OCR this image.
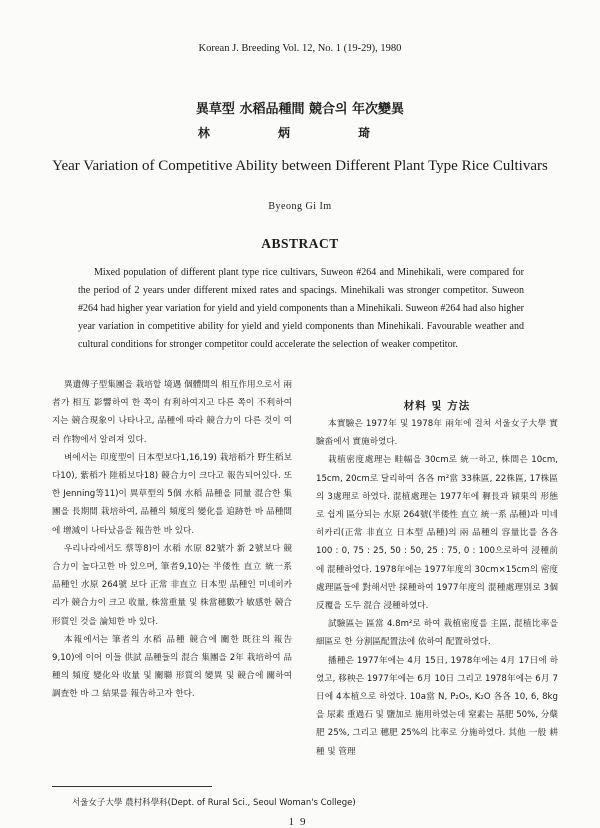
Korean J. Breeding Vol. 12, No. 1 (19-29), 1980
異草型 水稻品種間 競合의 年次變異
林 炳 琦
Year Variation of Competitive Ability between Different Plant Type Rice Cultivars
Byeong Gi Im
ABSTRACT

Mixed population of different plant type rice cultivars, Suweon #264 and Minehikali, were compared for the period of 2 years under different mixed rates and spacings. Minehikali was stronger competitor. Suweon #264 had higher year variation for yield and yield components than a Minehikali. Suweon #264 had also higher year variation in competitive ability for yield and yield components than Minehikali. Favourable weather and cultural conditions for stronger competitor could accelerate the selection of weaker competitor.

異遺傳子型集團을 栽培할 境遇 個體間의 相互作用으로서 兩者가 相互 影響하여 한 쪽이 有利하여지고 다른 쪽이 不利하여지는 競合現象이 나타나고, 品種에 따라 競合力이 다른 것이 여러 作物에서 알려져 있다.

벼에서는 印度型이 日本型보다1,16,19) 栽培稻가 野生稻보다10), 紫稻가 陸稻보다18) 競合力이 크다고 報告되어있다. 또한 Jenning等11)이 異草型의 5個 水稻 品種을 同量 混合한 集團을 長期間 栽培하여, 品種의 頻度의 變化를 追跡한 바 品種間에 增減이 나타났음을 報告한 바 있다.

우리나라에서도 蔡等8)이 水稻 水原 82號가 新 2號보다 競合力이 높다고한 바 있으며, 筆者9,10)는 半倭性 直立 統一系 品種인 水原 264號 보다 正常 非直立 日本型 品種인 미네히카리가 競合力이 크고 收量, 株當重量 및 株當穗數가 敏感한 競合形質인 것을 論知한 바 있다.

本報에서는 筆者의 水稻 品種 競合에 關한 既往의 報告9,10)에 이어 이들 供試 品種들의 混合 集團을 2年 栽培하여 品種의 頻度 變化와 收量 및 關聯 形質의 變異 및 競合에 關하여 調査한 바 그 結果를 報告하고자 한다.

材料 및 方法

本實驗은 1977年 및 1978年 兩年에 걸쳐 서울女子大學 實驗畓에서 實施하였다.

栽植密度處理는 畦幅을 30cm로 統一하고, 株間은 10cm, 15cm, 20cm로 달리하여 各各 m²當 33株區, 22株區, 17株區의 3處理로 하였다. 混植處理는 1977年에 穉長과 穎果의 形態로 쉽게 區分되는 水原 264號(半倭性 直立 統一系 品種)과 미네히카리(正常 非直立 日本型 品種)의 兩 品種의 容量比를 各各 100 : 0, 75 : 25, 50 : 50, 25 : 75, 0 : 100으로하여 浸種前에 混種하였다. 1978年에는 1977年度의 30cm×15cm의 密度 處理區들에 對해서만 採種하여 1977年度의 混種處理別로 3個 反覆을 도두 混合 浸種하였다.

試驗區는 區當 4.8m²로 하여 栽植密度를 主區, 混植比率을 細區로 한 分割區配置法에 依하여 配置하였다.

播種은 1977年에는 4月 15日, 1978年에는 4月 17日에 하였고, 移秧은 1977年에는 6月 10日 그리고 1978年에는 6月 7日에 4本植으로 하였다. 10a當 N, P₂O₅, K₂O 各各 10, 6, 8kg을 尿素 重過石 및 鹽加로 施用하였는데 窒素는 基肥 50%, 分蘖肥 25%, 그리고 穗肥 25%의 比率로 分施하였다. 其他 一般 耕種 및 管理

서울女子大學 農村科學科(Dept. of Rural Sci., Seoul Woman's College)
19
